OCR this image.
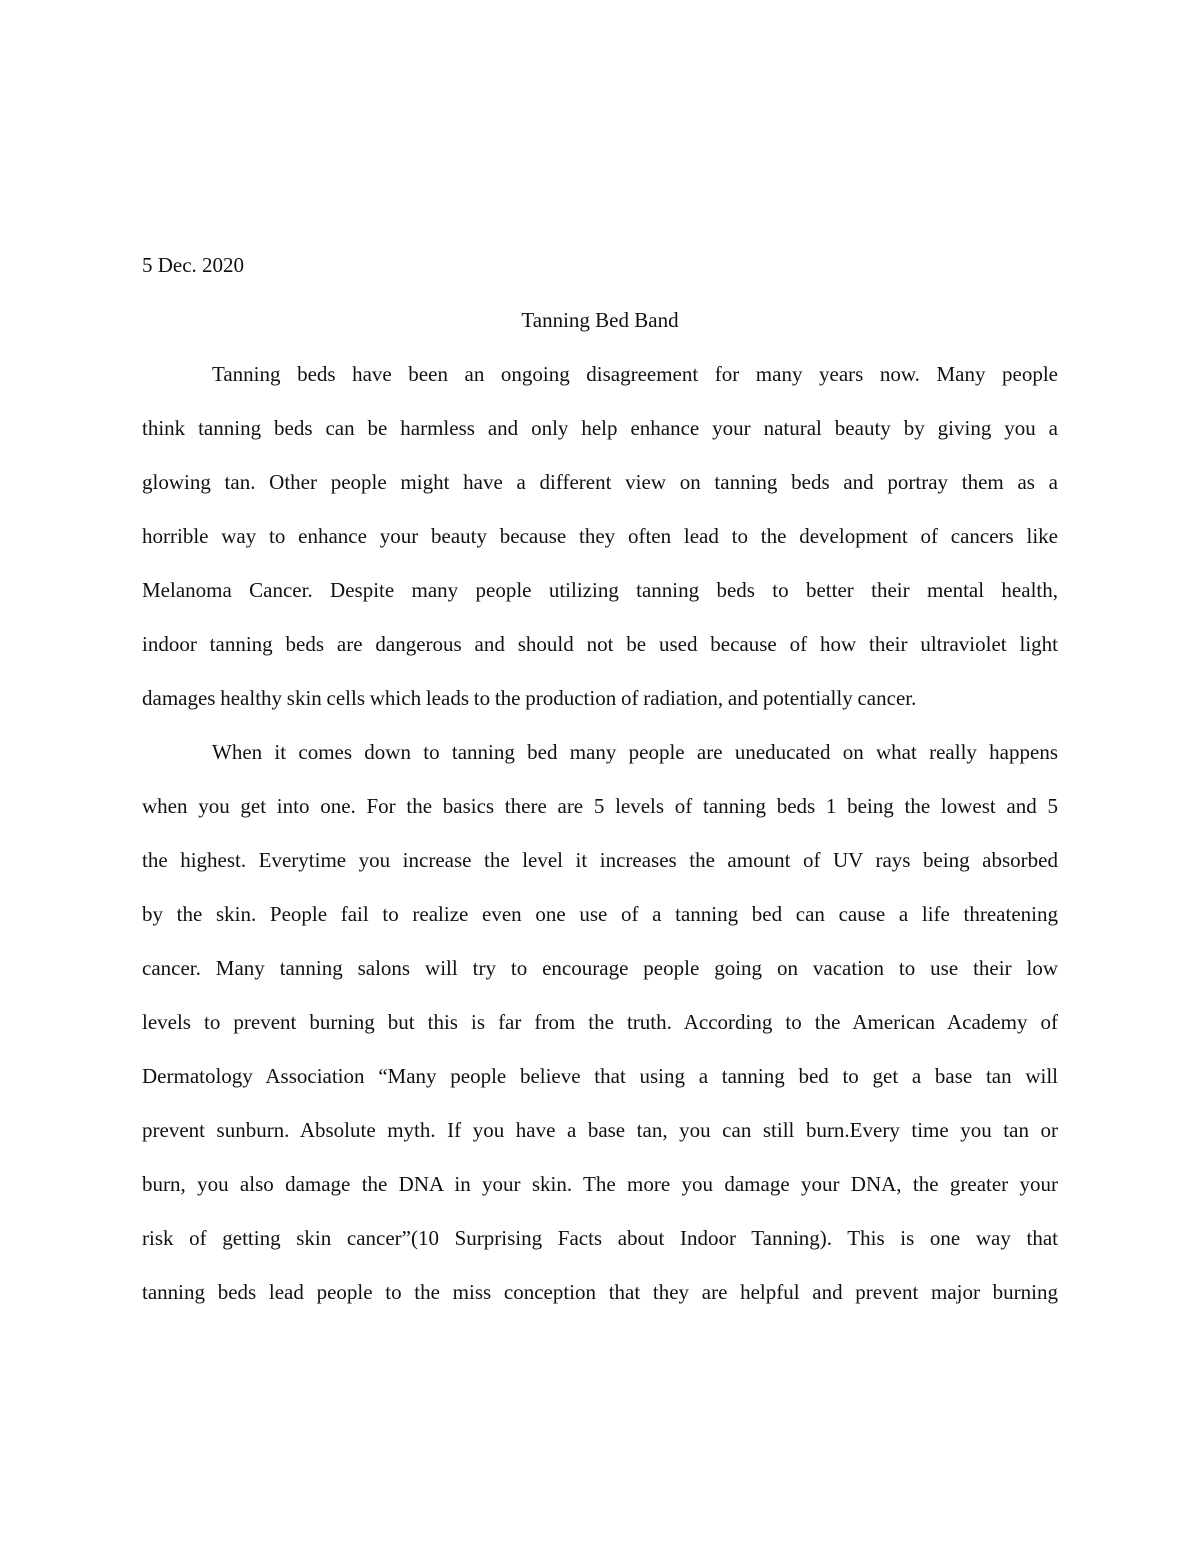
5 Dec. 2020

Tanning Bed Band

Tanning beds have been an ongoing disagreement for many years now. Many people

think tanning beds can be harmless and only help enhance your natural beauty by giving you a

glowing tan. Other people might have a different view on tanning beds and portray them as a

horrible way to enhance your beauty because they often lead to the development of cancers like

Melanoma Cancer. Despite many people utilizing tanning beds to better their mental health,

indoor tanning beds are dangerous and should not be used because of how their ultraviolet light

damages healthy skin cells which leads to the production of radiation, and potentially cancer.

When it comes down to tanning bed many people are uneducated on what really happens

when you get into one. For the basics there are 5 levels of tanning beds 1 being the lowest and 5

the highest. Everytime you increase the level it increases the amount of UV rays being absorbed

by the skin. People fail to realize even one use of a tanning bed can cause a life threatening

cancer. Many tanning salons will try to encourage people going on vacation to use their low

levels to prevent burning but this is far from the truth. According to the American Academy of

Dermatology Association “Many people believe that using a tanning bed to get a base tan will

prevent sunburn. Absolute myth. If you have a base tan, you can still burn.Every time you tan or

burn, you also damage the DNA in your skin. The more you damage your DNA, the greater your

risk of getting skin cancer”(10 Surprising Facts about Indoor Tanning). This is one way that

tanning beds lead people to the miss conception that they are helpful and prevent major burning
